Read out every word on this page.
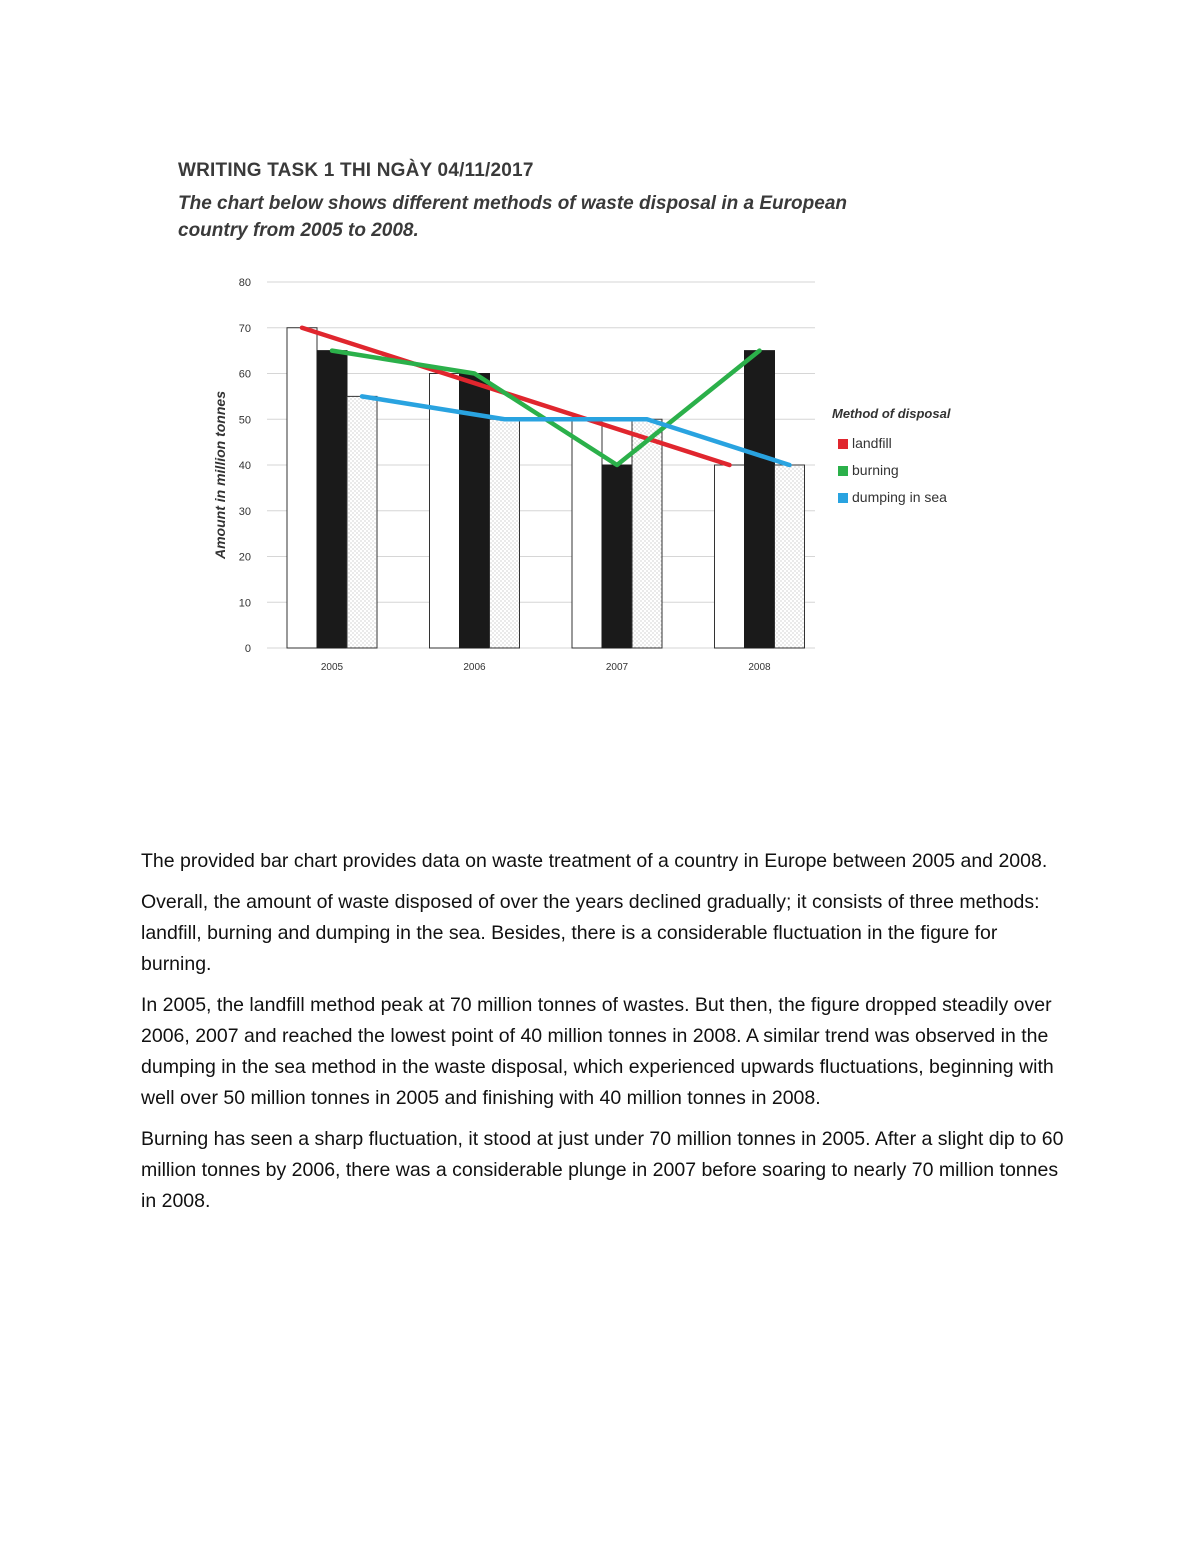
WRITING TASK 1 THI NGÀY 04/11/2017

The chart below shows different methods of waste disposal in a European
country from 2005 to 2008.

0
10
20
30
40
50
60
70
80
Amount in million tonnes
2005	2006	2007	2008
Method of disposal
landfill
burning
dumping in sea

The provided bar chart provides data on waste treatment of a country in Europe between 2005 and 2008.

Overall, the amount of waste disposed of over the years declined gradually; it consists of three methods: landfill, burning and dumping in the sea. Besides, there is a considerable fluctuation in the figure for burning.

In 2005, the landfill method peak at 70 million tonnes of wastes. But then, the figure dropped steadily over 2006, 2007 and reached the lowest point of 40 million tonnes in 2008. A similar trend was observed in the dumping in the sea method in the waste disposal, which experienced upwards fluctuations, beginning with well over 50 million tonnes in 2005 and finishing with 40 million tonnes in 2008.

Burning has seen a sharp fluctuation, it stood at just under 70 million tonnes in 2005. After a slight dip to 60 million tonnes by 2006, there was a considerable plunge in 2007 before soaring to nearly 70 million tonnes in 2008.
